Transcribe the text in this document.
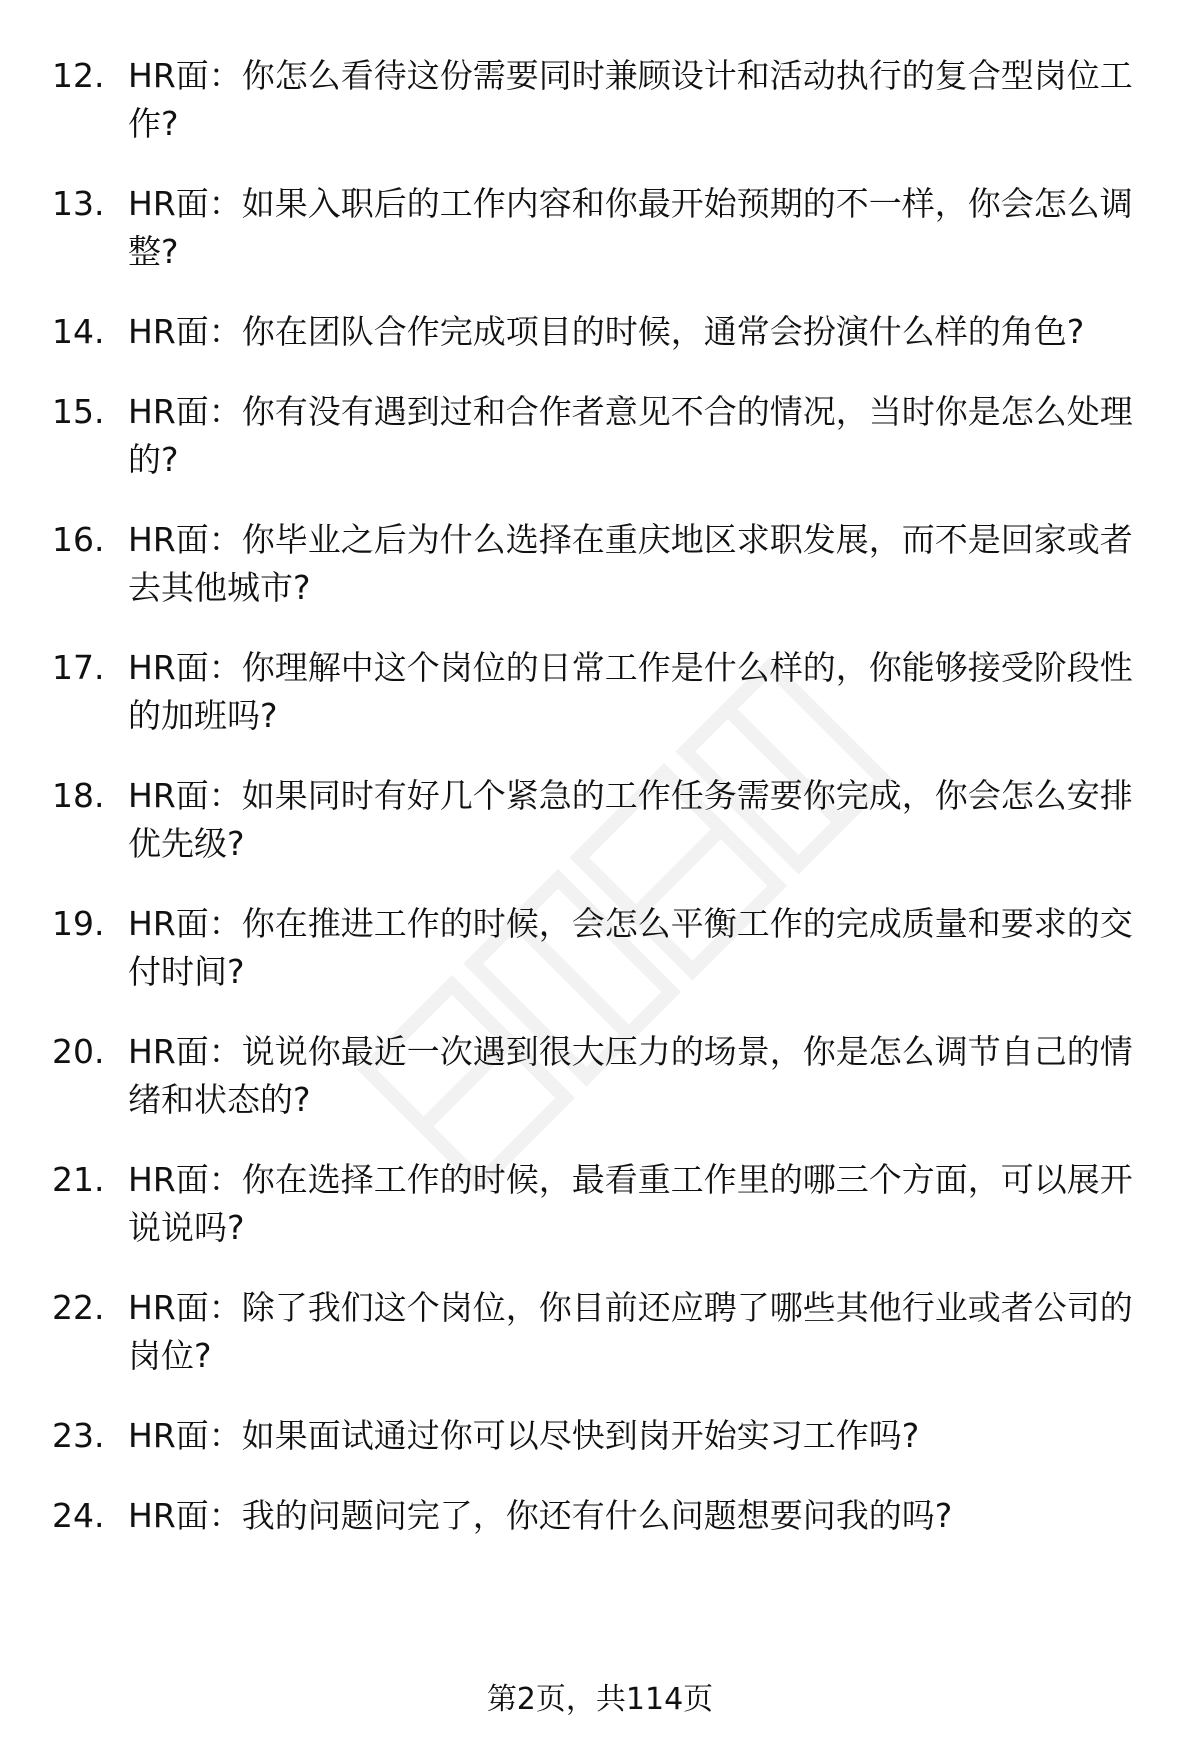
12. HR面：你怎么看待这份需要同时兼顾设计和活动执行的复合型岗位工作?
13. HR面：如果入职后的工作内容和你最开始预期的不一样，你会怎么调整?
14. HR面：你在团队合作完成项目的时候，通常会扮演什么样的角色?
15. HR面：你有没有遇到过和合作者意见不合的情况，当时你是怎么处理的?
16. HR面：你毕业之后为什么选择在重庆地区求职发展，而不是回家或者去其他城市?
17. HR面：你理解中这个岗位的日常工作是什么样的，你能够接受阶段性的加班吗?
18. HR面：如果同时有好几个紧急的工作任务需要你完成，你会怎么安排优先级?
19. HR面：你在推进工作的时候，会怎么平衡工作的完成质量和要求的交付时间?
20. HR面：说说你最近一次遇到很大压力的场景，你是怎么调节自己的情绪和状态的?
21. HR面：你在选择工作的时候，最看重工作里的哪三个方面，可以展开说说吗?
22. HR面：除了我们这个岗位，你目前还应聘了哪些其他行业或者公司的岗位?
23. HR面：如果面试通过你可以尽快到岗开始实习工作吗?
24. HR面：我的问题问完了，你还有什么问题想要问我的吗?
第2页，共114页
